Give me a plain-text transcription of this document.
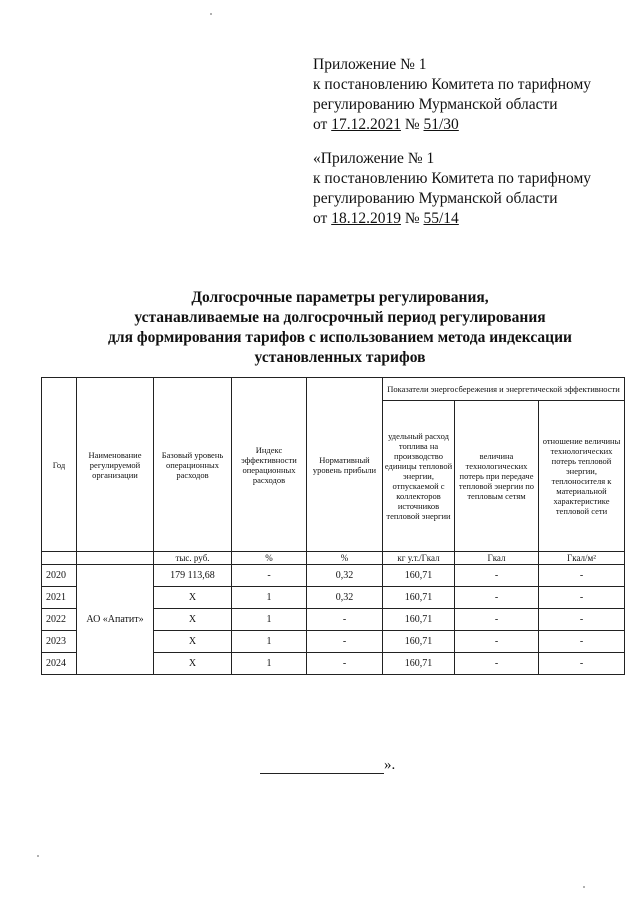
Приложение № 1
к постановлению Комитета по тарифному
регулированию Мурманской области
от 17.12.2021 № 51/30
«Приложение № 1
к постановлению Комитета по тарифному
регулированию Мурманской области
от 18.12.2019 № 55/14
Долгосрочные параметры регулирования,
устанавливаемые на долгосрочный период регулирования
для формирования тарифов с использованием метода индексации
установленных тарифов
Год	Наименование регулируемой организации	Базовый уровень операционных расходов	Индекс эффективности операционных расходов	Нормативный уровень прибыли	Показатели энергосбережения и энергетической эффективности		
					удельный расход топлива на производство единицы тепловой энергии, отпускаемой с коллекторов источников тепловой энергии	величина технологических потерь при передаче тепловой энергии по тепловым сетям	отношение величины технологических потерь тепловой энергии, теплоносителя к материальной характеристике тепловой сети
		тыс. руб.	%	%	кг у.т./Гкал	Гкал	Гкал/м²
2020	АО «Апатит»	179 113,68	-	0,32	160,71	-	-
2021		Х	1	0,32	160,71	-	-
2022		Х	1	-	160,71	-	-
2023		Х	1	-	160,71	-	-
2024		Х	1	-	160,71	-	-
».
